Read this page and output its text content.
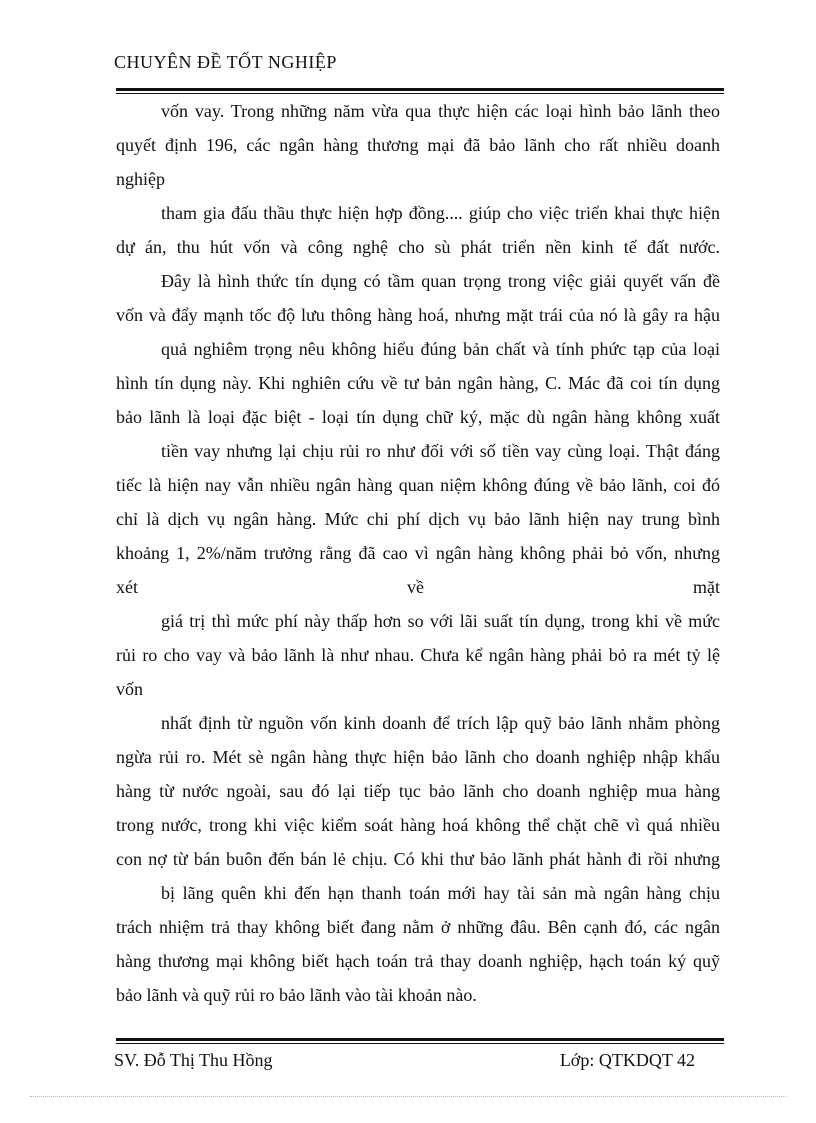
CHUYÊN ĐỀ TỐT NGHIỆP
vốn vay. Trong những năm vừa qua thực hiện các loại hình bảo lãnh theo
quyết định 196, các ngân hàng thương mại đã bảo lãnh cho rất nhiều doanh
nghiệp
tham gia đấu thầu thực hiện hợp đồng.... giúp cho việc triển khai thực hiện
dự án, thu hút vốn và công nghệ cho sù phát triển nền kinh tế đất nước.
Đây là hình thức tín dụng có tầm quan trọng trong việc giải quyết vấn đề
vốn và đẩy mạnh tốc độ lưu thông hàng hoá, nhưng mặt trái của nó là gây ra hậu
quả nghiêm trọng nêu không hiểu đúng bản chất và tính phức tạp của loại
hình tín dụng này. Khi nghiên cứu về tư bản ngân hàng, C. Mác đã coi tín dụng
bảo lãnh là loại đặc biệt - loại tín dụng chữ ký, mặc dù ngân hàng không xuất
tiền vay nhưng lại chịu rủi ro như đối với số tiền vay cùng loại. Thật đáng
tiếc là hiện nay vẫn nhiều ngân hàng quan niệm không đúng về bảo lãnh, coi đó
chỉ là dịch vụ ngân hàng. Mức chi phí dịch vụ bảo lãnh hiện nay trung bình
khoảng 1, 2%/năm trưởng rằng đã cao vì ngân hàng không phải bỏ vốn, nhưng
xét về mặt
giá trị thì mức phí này thấp hơn so với lãi suất tín dụng, trong khi về mức
rủi ro cho vay và bảo lãnh là như nhau. Chưa kể ngân hàng phải bỏ ra mét tỷ lệ
vốn
nhất định từ nguồn vốn kinh doanh để trích lập quỹ bảo lãnh nhằm phòng
ngừa rủi ro. Mét sè ngân hàng thực hiện bảo lãnh cho doanh nghiệp nhập khẩu
hàng từ nước ngoài, sau đó lại tiếp tục bảo lãnh cho doanh nghiệp mua hàng
trong nước, trong khi việc kiểm soát hàng hoá không thể chặt chẽ vì quá nhiều
con nợ từ bán buôn đến bán lẻ chịu. Có khi thư bảo lãnh phát hành đi rồi nhưng
bị lãng quên khi đến hạn thanh toán mới hay tài sản mà ngân hàng chịu
trách nhiệm trả thay không biết đang nằm ở những đâu. Bên cạnh đó, các ngân
hàng thương mại không biết hạch toán trả thay doanh nghiệp, hạch toán ký quỹ
bảo lãnh và quỹ rủi ro bảo lãnh vào tài khoản nào.
SV. Đỗ Thị Thu Hồng	Lớp: QTKDQT 42
